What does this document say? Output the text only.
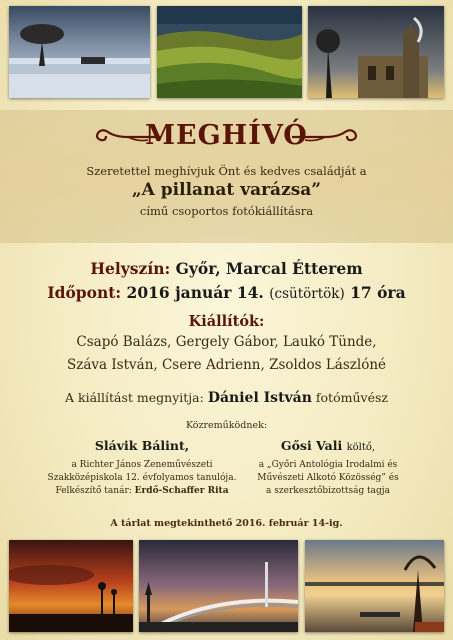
MEGHÍVÓ
Szeretettel meghívjuk Önt és kedves családját a
„A pillanat varázsa”
című csoportos fotókiállításra
Helyszín: Győr, Marcal Étterem
Időpont: 2016 január 14. (csütörtök) 17 óra
Kiállítók:
Csapó Balázs, Gergely Gábor, Laukó Tünde,
Száva István, Csere Adrienn, Zsoldos Lászlóné
A kiállítást megnyitja: Dániel István fotóművész
Közreműködnek:
Slávik Bálint,
a Richter János Zeneművészeti
Szakközépiskola 12. évfolyamos tanulója.
Felkészítő tanár: Erdő-Schaffer Rita
Gősi Vali költő,
a „Győri Antológia Irodalmi és
Művészeti Alkotó Közösség” és
a szerkesztőbizottság tagja
A tárlat megtekinthető 2016. február 14-ig.
